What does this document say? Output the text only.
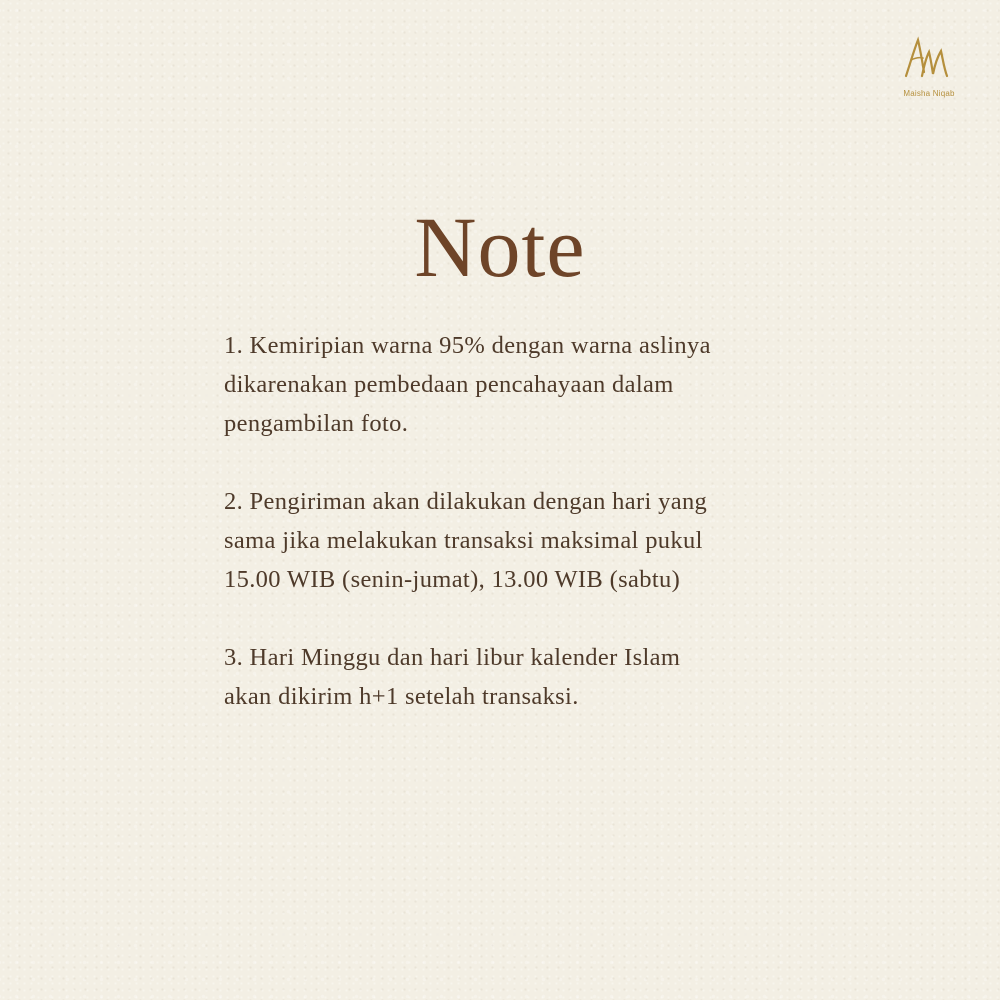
Maisha Niqab
Note

1. Kemiripian warna 95% dengan warna aslinya
dikarenakan pembedaan pencahayaan dalam
pengambilan foto.

2. Pengiriman akan dilakukan dengan hari yang
sama jika melakukan transaksi maksimal pukul
15.00 WIB (senin-jumat), 13.00 WIB (sabtu)

3. Hari Minggu dan hari libur kalender Islam
akan dikirim h+1 setelah transaksi.
